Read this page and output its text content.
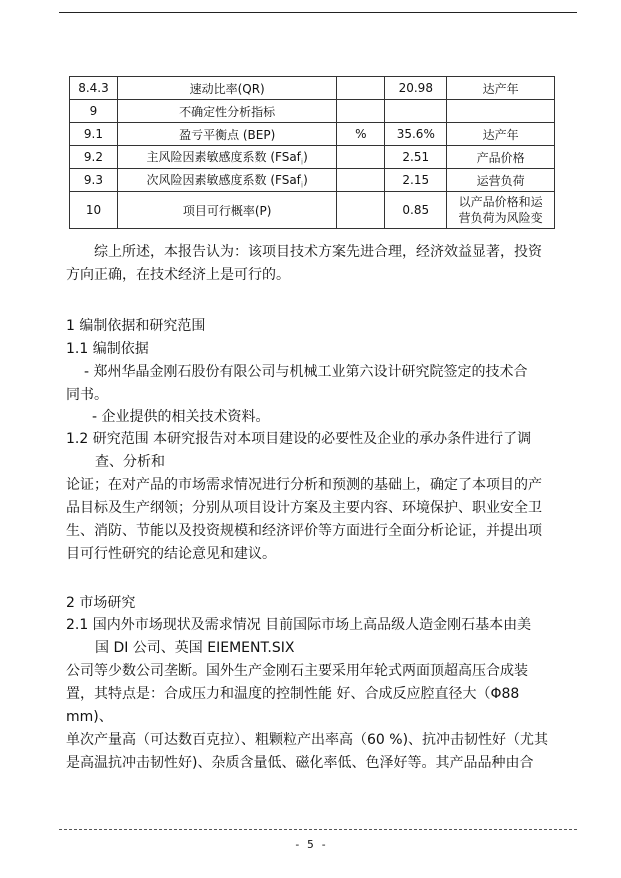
8.4.3	速动比率(QR)		20.98	达产年
9	不确定性分析指标			
9.1	盈亏平衡点 (BEP)	%	35.6%	达产年
9.2	主风险因素敏感度系数 (FSaf$_i$)		2.51	产品价格
9.3	次风险因素敏感度系数 (FSaf$_i$)		2.15	运营负荷
10	项目可行概率(P)		0.85	以产品价格和运
营负荷为风险变

综上所述，本报告认为：该项目技术方案先进合理，经济效益显著，投资
方向正确，在技术经济上是可行的。

1 编制依据和研究范围

1.1 编制依据

- 郑州华晶金刚石股份有限公司与机械工业第六设计研究院签定的技术合
同书。

- 企业提供的相关技术资料。

1.2 研究范围 本研究报告对本项目建设的必要性及企业的承办条件进行了调
查、分析和

论证；在对产品的市场需求情况进行分析和预测的基础上，确定了本项目的产
品目标及生产纲领；分别从项目设计方案及主要内容、环境保护、职业安全卫
生、消防、节能以及投资规模和经济评价等方面进行全面分析论证，并提出项
目可行性研究的结论意见和建议。

2 市场研究

2.1 国内外市场现状及需求情况 目前国际市场上高品级人造金刚石基本由美
国 DI 公司、英国 EIEMENT.SIX

公司等少数公司垄断。国外生产金刚石主要采用年轮式两面顶超高压合成装
置，其特点是：合成压力和温度的控制性能 好、合成反应腔直径大（Φ88 mm)、
单次产量高（可达数百克拉）、粗颗粒产出率高（60 %)、抗冲击韧性好（尤其
是高温抗冲击韧性好)、杂质含量低、磁化率低、色泽好等。其产品品种由合

- 5 -
